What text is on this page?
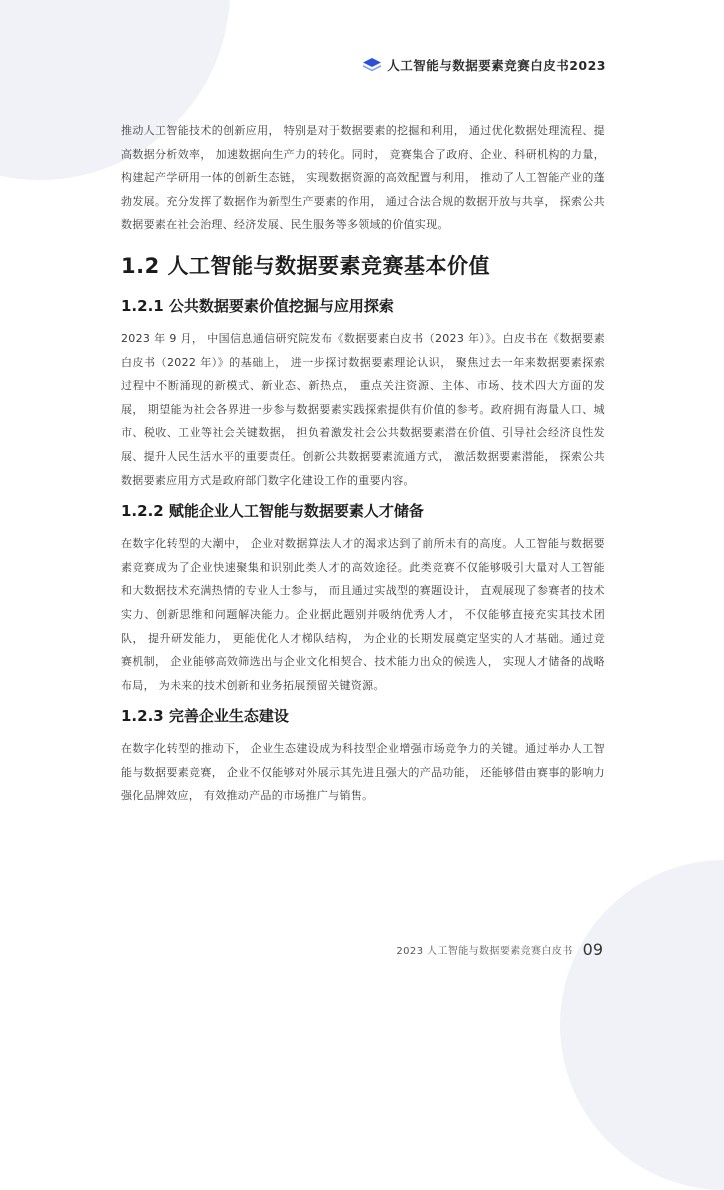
人工智能与数据要素竞赛白皮书2023

推动人工智能技术的创新应用， 特别是对于数据要素的挖掘和利用， 通过优化数据处理流程、提高数据分析效率， 加速数据向生产力的转化。同时， 竞赛集合了政府、企业、科研机构的力量， 构建起产学研用一体的创新生态链， 实现数据资源的高效配置与利用， 推动了人工智能产业的蓬勃发展。充分发挥了数据作为新型生产要素的作用， 通过合法合规的数据开放与共享， 探索公共数据要素在社会治理、经济发展、民生服务等多领域的价值实现。

1.2 人工智能与数据要素竞赛基本价值
1.2.1 公共数据要素价值挖掘与应用探索

2023 年 9 月， 中国信息通信研究院发布《数据要素白皮书（2023 年）》。白皮书在《数据要素白皮书（2022 年）》的基础上， 进一步探讨数据要素理论认识， 聚焦过去一年来数据要素探索过程中不断涌现的新模式、新业态、新热点， 重点关注资源、主体、市场、技术四大方面的发展， 期望能为社会各界进一步参与数据要素实践探索提供有价值的参考。政府拥有海量人口、城市、税收、工业等社会关键数据， 担负着激发社会公共数据要素潜在价值、引导社会经济良性发展、提升人民生活水平的重要责任。创新公共数据要素流通方式， 激活数据要素潜能， 探索公共数据要素应用方式是政府部门数字化建设工作的重要内容。

1.2.2 赋能企业人工智能与数据要素人才储备

在数字化转型的大潮中， 企业对数据算法人才的渴求达到了前所未有的高度。人工智能与数据要素竞赛成为了企业快速聚集和识别此类人才的高效途径。此类竞赛不仅能够吸引大量对人工智能和大数据技术充满热情的专业人士参与， 而且通过实战型的赛题设计， 直观展现了参赛者的技术实力、创新思维和问题解决能力。企业据此题别并吸纳优秀人才， 不仅能够直接充实其技术团队， 提升研发能力， 更能优化人才梯队结构， 为企业的长期发展奠定坚实的人才基础。通过竞赛机制， 企业能够高效筛选出与企业文化相契合、技术能力出众的候选人， 实现人才储备的战略布局， 为未来的技术创新和业务拓展预留关键资源。

1.2.3 完善企业生态建设

在数字化转型的推动下， 企业生态建设成为科技型企业增强市场竞争力的关键。通过举办人工智能与数据要素竞赛， 企业不仅能够对外展示其先进且强大的产品功能， 还能够借由赛事的影响力强化品牌效应， 有效推动产品的市场推广与销售。

2023 人工智能与数据要素竞赛白皮书 09
